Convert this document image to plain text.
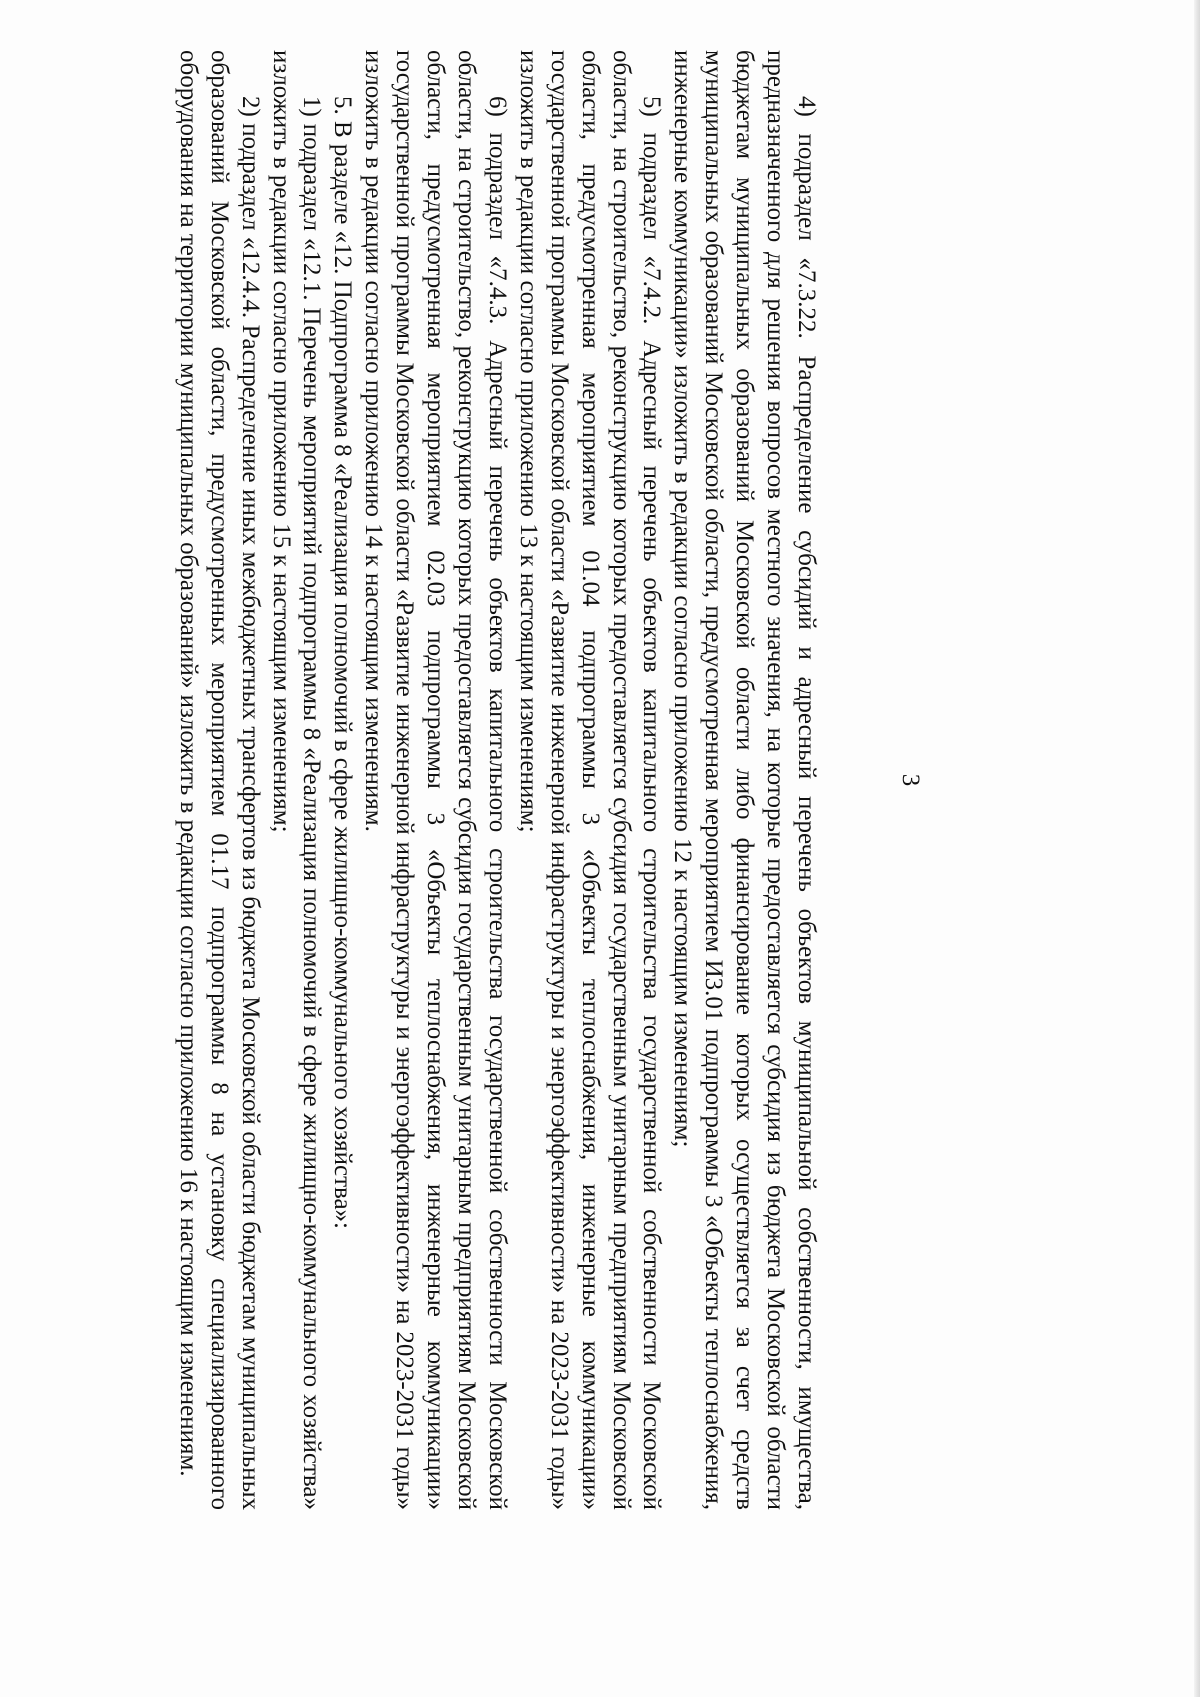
3

4) подраздел «7.3.22. Распределение субсидий и адресный перечень объектов муниципальной собственности, имущества, предназначенного для решения вопросов местного значения, на которые предоставляется субсидия из бюджета Московской области бюджетам муниципальных образований Московской области либо финансирование которых осуществляется за счет средств муниципальных образований Московской области, предусмотренная мероприятием И3.01 подпрограммы 3 «Объекты теплоснабжения, инженерные коммуникации» изложить в редакции согласно приложению 12 к настоящим изменениям;

5) подраздел «7.4.2. Адресный перечень объектов капитального строительства государственной собственности Московской области, на строительство, реконструкцию которых предоставляется субсидия государственным унитарным предприятиям Московской области, предусмотренная мероприятием 01.04 подпрограммы 3 «Объекты теплоснабжения, инженерные коммуникации» государственной программы Московской области «Развитие инженерной инфраструктуры и энергоэффективности» на 2023-2031 годы» изложить в редакции согласно приложению 13 к настоящим изменениям;

6) подраздел «7.4.3. Адресный перечень объектов капитального строительства государственной собственности Московской области, на строительство, реконструкцию которых предоставляется субсидия государственным унитарным предприятиям Московской области, предусмотренная мероприятием 02.03 подпрограммы 3 «Объекты теплоснабжения, инженерные коммуникации» государственной программы Московской области «Развитие инженерной инфраструктуры и энергоэффективности» на 2023-2031 годы» изложить в редакции согласно приложению 14 к настоящим изменениям.

5. В разделе «12. Подпрограмма 8 «Реализация полномочий в сфере жилищно-коммунального хозяйства»:

1) подраздел «12.1. Перечень мероприятий подпрограммы 8 «Реализация полномочий в сфере жилищно-коммунального хозяйства» изложить в редакции согласно приложению 15 к настоящим изменениям;

2) подраздел «12.4.4. Распределение иных межбюджетных трансфертов из бюджета Московской области бюджетам муниципальных образований Московской области, предусмотренных мероприятием 01.17 подпрограммы 8 на установку специализированного оборудования на территории муниципальных образований» изложить в редакции согласно приложению 16 к настоящим изменениям.
